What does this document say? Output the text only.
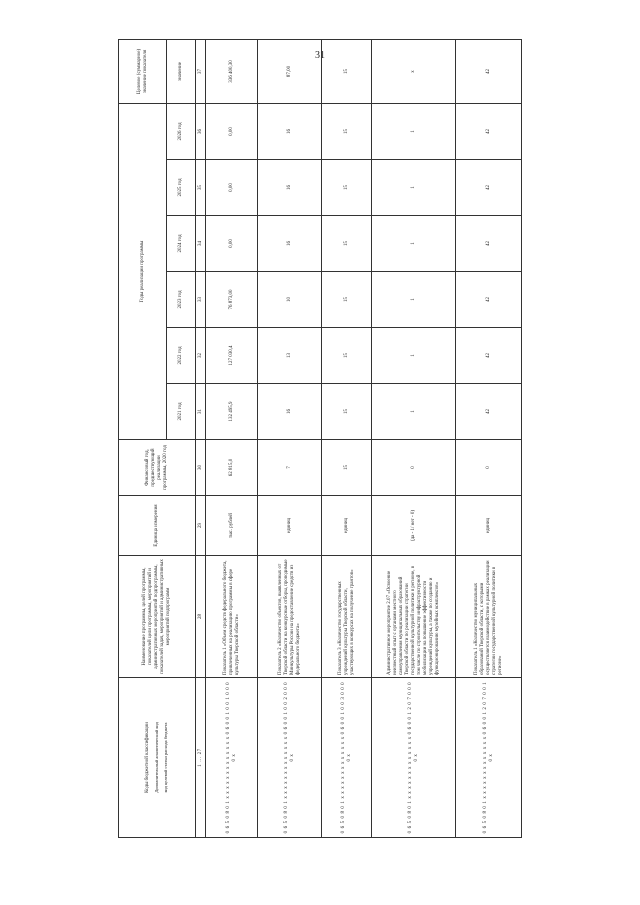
31
Коды бюджетной классификации Дополнительный аналитический код код целевой статьи расхода бюджета	Наименование программы, целей программы, показателей цели программы, мероприятий и административных мероприятий подпрограммы, показателей задач, мероприятий и административных мероприятий подпрограмм	Единица измерения	Финансовый год, предшествующий реализации программы, 2020 год	Годы реализации программы						Целевое (суммарное) значение показателя
				2021 год	2022 год	2023 год	2024 год	2025 год	2026 год	значение
1 … 27	28	29	30	31	32	33	34	35	36	37
0 6 5 0 8 0 1 x x x x x x x x x x x x x 0 6 0 0 1 0 0 1 0 0 0 0 x	Показатель 1 «Объем средств федерального бюджета, привлеченных на реализацию программы в сфере культуры Тверской области»	тыс. рублей	62 815,0	132 495,9	127 030,4	76 873,00	0,00	0,00	0,00	336 400,30
0 6 5 0 8 0 1 x x x x x x x x x x x x x 0 6 0 0 1 0 0 2 0 0 0 0 x	Показатель 2 «Количество объектов, выявленных от Тверской области на конкурсные отборы, проводимые Минкультуры России на предоставление средств из федерального бюджета»	единиц	7	16	13	10	16	16	16	87,00
0 6 5 0 8 0 1 x x x x x x x x x x x x x 0 6 0 0 1 0 0 3 0 0 0 0 x	Показатель 3 «Количество государственных учреждений культуры Тверской области, участвующих в конкурсах на получение грантов»	единиц	15	15	15	15	15	15	15	15
0 6 5 0 8 0 1 x x x x x x x x x x x x x 0 6 0 0 1 2 0 7 0 0 0 0 x	Административное мероприятие 2.07 «Освоение неизвестный опыт с органами местного самоуправления муниципальных образований Тверской области по реализации стратегии государственной культурной политики в регионе, в том числе по строительству инфраструктурной мобилизации на повышение эффективности учреждений культуры, а также по созданию и функционированию музейных комплексов»	(да - 1/ нет - 0)	0	1	1	1	1	1	1	x
0 6 5 0 8 0 1 x x x x x x x x x x x x x 0 6 0 0 1 2 0 7 0 0 1 0 x	Показатель 1 «Количество муниципальных образований Тверской области, с которыми осуществляется взаимодействие в рамках реализации стратегии государственной культурной политики в регионе»	единиц	0	42	42	42	42	42	42	42
